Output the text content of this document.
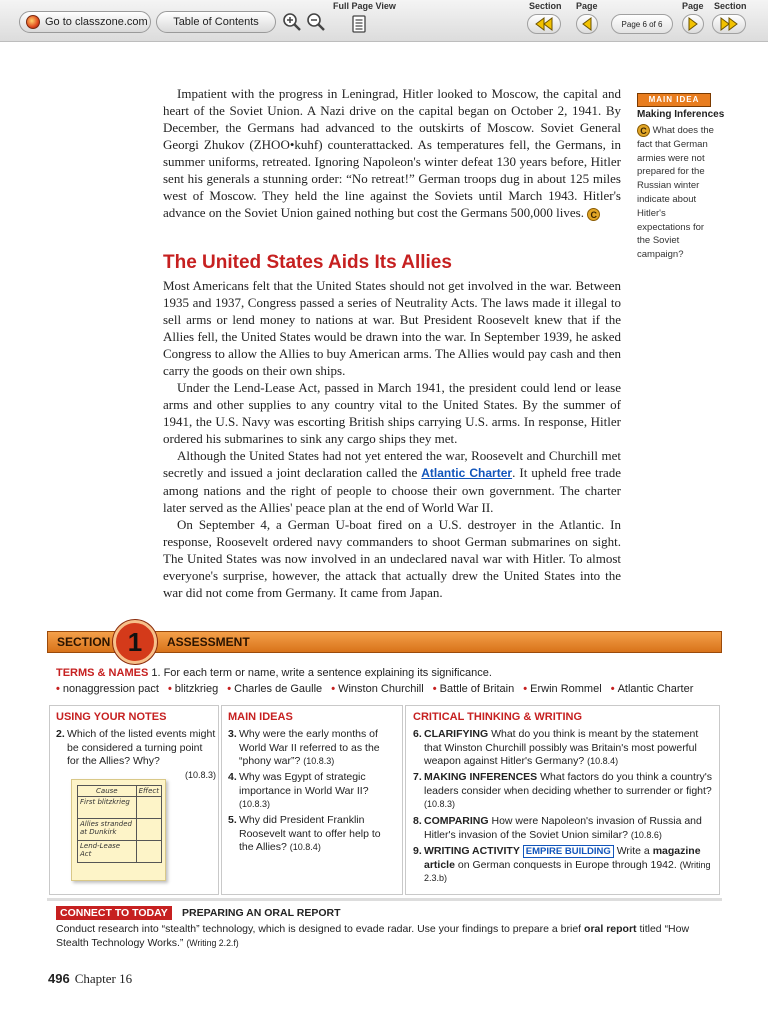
Go to classzone.com Table of Contents
Full Page View	Section Page	Page Section
Page 6 of 6

Impatient with the progress in Leningrad, Hitler looked to Moscow, the capital and heart of the Soviet Union. A Nazi drive on the capital began on October 2, 1941. By December, the Germans had advanced to the outskirts of Moscow. Soviet General Georgi Zhukov (ZHOO•kuhf) counterattacked. As temperatures fell, the Germans, in summer uniforms, retreated. Ignoring Napoleon's winter defeat 130 years before, Hitler sent his generals a stunning order: “No retreat!” German troops dug in about 125 miles west of Moscow. They held the line against the Soviets until March 1943. Hitler's advance on the Soviet Union gained nothing but cost the Germans 500,000 lives. C

The United States Aids Its Allies

Most Americans felt that the United States should not get involved in the war. Between 1935 and 1937, Congress passed a series of Neutrality Acts. The laws made it illegal to sell arms or lend money to nations at war. But President Roosevelt knew that if the Allies fell, the United States would be drawn into the war. In September 1939, he asked Congress to allow the Allies to buy American arms. The Allies would pay cash and then carry the goods on their own ships.

Under the Lend-Lease Act, passed in March 1941, the president could lend or lease arms and other supplies to any country vital to the United States. By the summer of 1941, the U.S. Navy was escorting British ships carrying U.S. arms. In response, Hitler ordered his submarines to sink any cargo ships they met.

Although the United States had not yet entered the war, Roosevelt and Churchill met secretly and issued a joint declaration called the Atlantic Charter. It upheld free trade among nations and the right of people to choose their own government. The charter later served as the Allies' peace plan at the end of World War II.

On September 4, a German U-boat fired on a U.S. destroyer in the Atlantic. In response, Roosevelt ordered navy commanders to shoot German submarines on sight. The United States was now involved in an undeclared naval war with Hitler. To almost everyone's surprise, however, the attack that actually drew the United States into the war did not come from Germany. It came from Japan.

MAIN IDEA
Making Inferences
C What does the fact that German armies were not prepared for the Russian winter indicate about Hitler's expectations for the Soviet campaign?
SECTION 1	ASSESSMENT
TERMS & NAMES 1. For each term or name, write a sentence explaining its significance.
• nonaggression pact • blitzkrieg • Charles de Gaulle • Winston Churchill • Battle of Britain • Erwin Rommel • Atlantic Charter
USING YOUR NOTES
2. Which of the listed events might be considered a turning point for the Allies? Why?
(10.8.3)
Cause	Effect
First blitzkrieg	
Allies stranded at Dunkirk	
Lend-Lease Act	
MAIN IDEAS
3. Why were the early months of World War II referred to as the “phony war”? (10.8.3)
4. Why was Egypt of strategic importance in World War II? (10.8.3)
5. Why did President Franklin Roosevelt want to offer help to the Allies? (10.8.4)
CRITICAL THINKING & WRITING
6. CLARIFYING What do you think is meant by the statement that Winston Churchill possibly was Britain's most powerful weapon against Hitler's Germany? (10.8.4)
7. MAKING INFERENCES What factors do you think a country's leaders consider when deciding whether to surrender or fight? (10.8.3)
8. COMPARING How were Napoleon's invasion of Russia and Hitler's invasion of the Soviet Union similar? (10.8.6)
9. WRITING ACTIVITY EMPIRE BUILDING Write a magazine article on German conquests in Europe through 1942. (Writing 2.3.b)
CONNECT TO TODAY	PREPARING AN ORAL REPORT
Conduct research into “stealth” technology, which is designed to evade radar. Use your findings to prepare a brief oral report titled “How Stealth Technology Works.” (Writing 2.2.f)
496 Chapter 16
